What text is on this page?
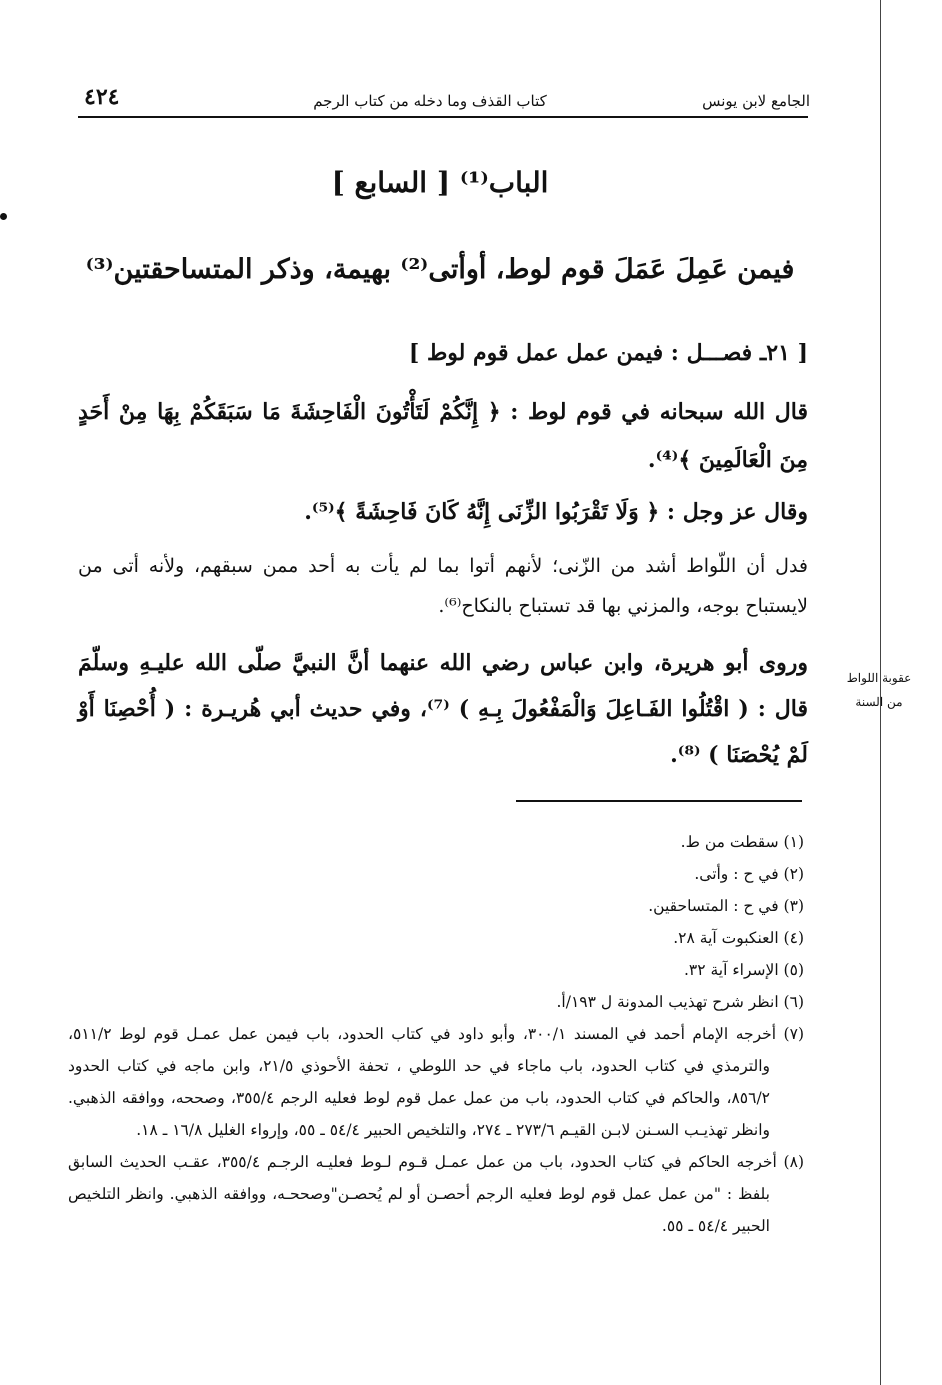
٤٢٤	كتاب القذف وما دخله من كتاب الرجم	الجامع لابن يونس
الباب⁽¹⁾ [ السابع ]
فيمن عَمِلَ عَمَلَ قوم لوط، أوأتى⁽²⁾ بهيمة، وذكر المتساحقتين⁽³⁾
[ ٢١ـ فصـــل : فيمن عمل عمل قوم لوط ]
قال الله سبحانه في قوم لوط : ﴿ إِنَّكُمْ لَتَأْتُونَ الْفَاحِشَةَ مَا سَبَقَكُمْ بِهَا مِنْ أَحَدٍ مِنَ الْعَالَمِينَ ﴾⁽⁴⁾.
وقال عز وجل : ﴿ وَلَا تَقْرَبُوا الزِّنَى إِنَّهُ كَانَ فَاحِشَةً ﴾⁽⁵⁾.
فدل أن اللّواط أشد من الزّنى؛ لأنهم أتوا بما لم يأت به أحد ممن سبقهم، ولأنه أتى من لايستباح بوجه، والمزني بها قد تستباح بالنكاح⁽⁶⁾.
وروى أبو هريرة، وابن عباس رضي الله عنهما أنَّ النبيَّ صلّى الله عليـهِ وسلّمَ قال : ( اقْتُلُوا الفَـاعِلَ وَالْمَفْعُولَ بِـهِ ) ⁽⁷⁾، وفي حديث أبي هُريـرة : ( أُحْصِنَا أَوْ لَمْ يُحْصَنَا ) ⁽⁸⁾.
عقوبة اللواط
من السنة
(١) سقطت من ط.
(٢) في ح : وأتى.
(٣) في ح : المتساحقين.
(٤) العنكبوت آية ٢٨.
(٥) الإسراء آية ٣٢.
(٦) انظر شرح تهذيب المدونة ل ١٩٣/أ.
(٧) أخرجه الإمام أحمد في المسند ٣٠٠/١، وأبو داود في كتاب الحدود، باب فيمن عمل عمـل قوم لوط ٥١١/٢، والترمذي في كتاب الحدود، باب ماجاء في حد اللوطي ، تحفة الأحوذي ٢١/٥، وابن ماجه في كتاب الحدود ٨٥٦/٢، والحاكم في كتاب الحدود، باب من عمل عمل قوم لوط فعليه الرجم ٣٥٥/٤، وصححه، ووافقه الذهبي. وانظر تهذيـب السـنن لابـن القيـم ٢٧٣/٦ ـ ٢٧٤، والتلخيص الحبير ٥٤/٤ ـ ٥٥، وإرواء الغليل ١٦/٨ ـ ١٨.
(٨) أخرجه الحاكم في كتاب الحدود، باب من عمل عمـل قـوم لـوط فعليـه الرجـم ٣٥٥/٤، عقـب الحديث السابق بلفظ : "من عمل عمل قوم لوط فعليه الرجم أحصـن أو لم يُحصـن"وصححـه، ووافقه الذهبي. وانظر التلخيص الحبير ٥٤/٤ ـ ٥٥.
